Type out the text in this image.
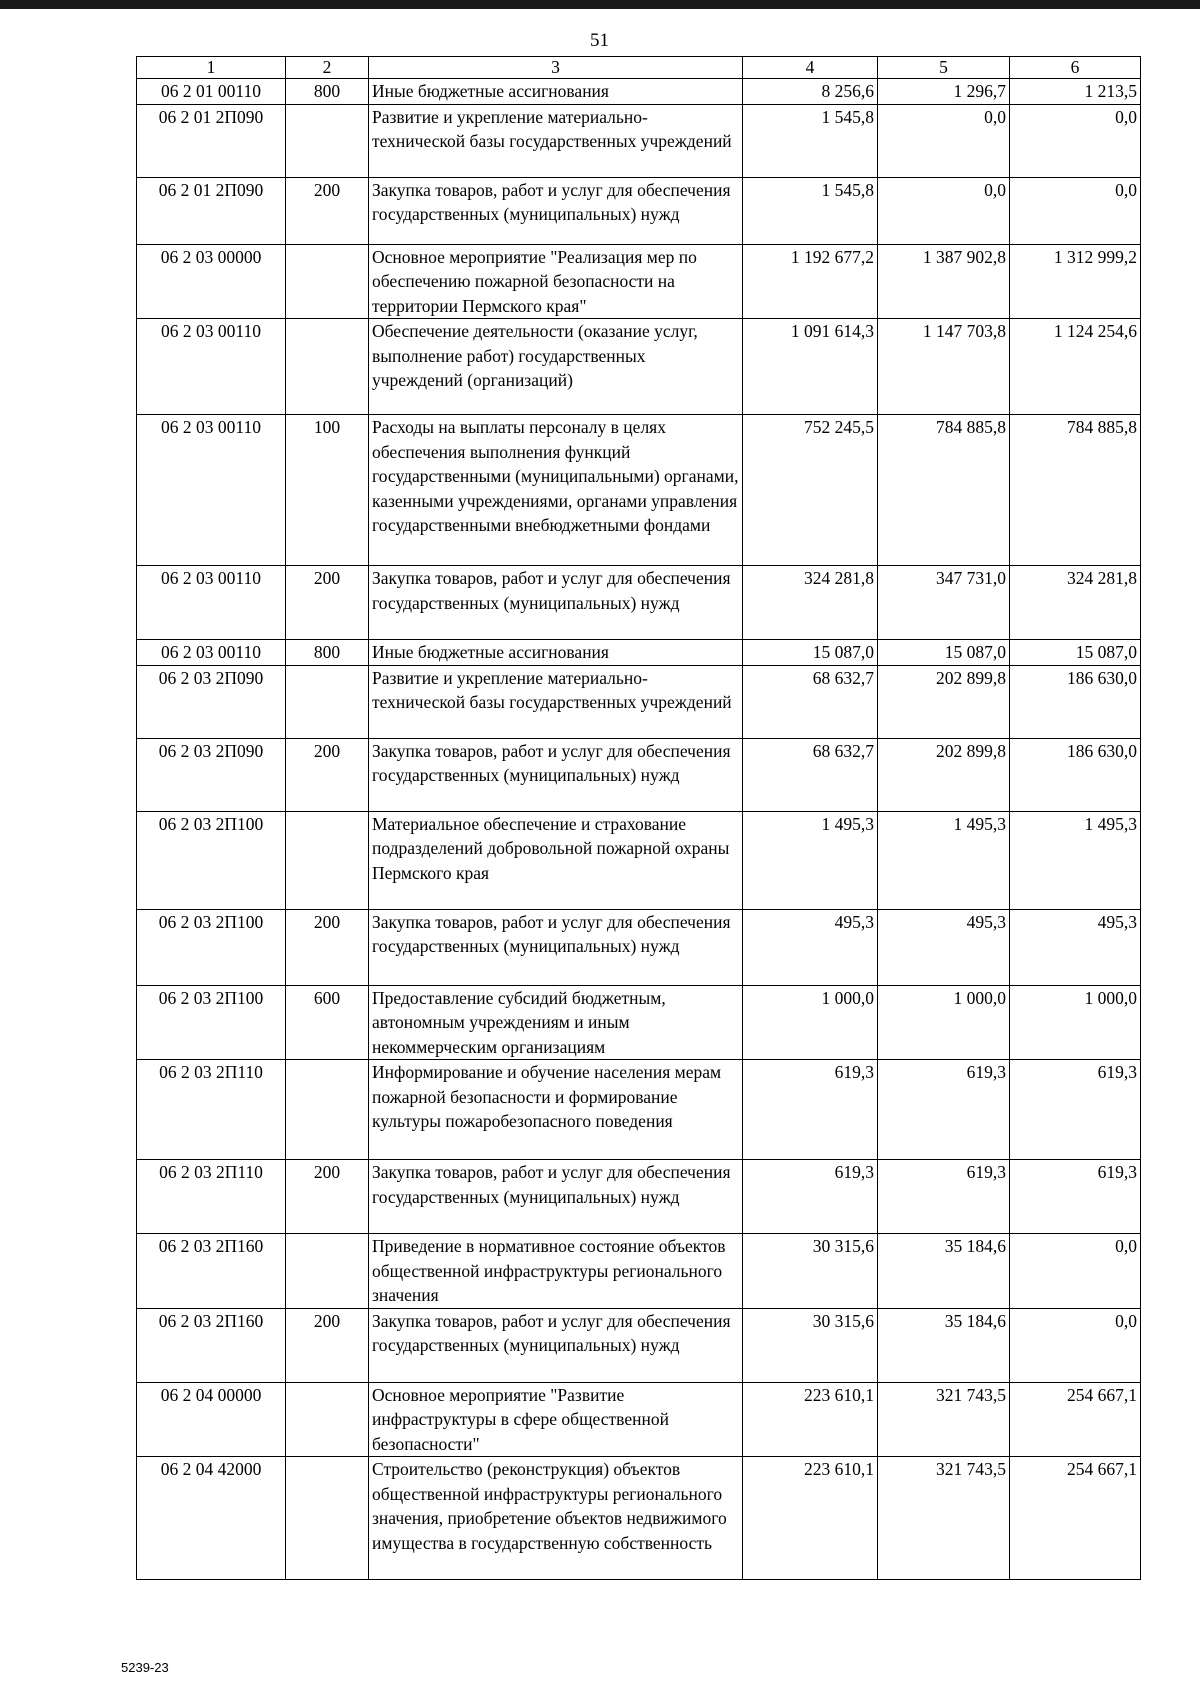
51
1	2	3	4	5	6
06 2 01 00110	800	Иные бюджетные ассигнования	8 256,6	1 296,7	1 213,5
06 2 01 2П090		Развитие и укрепление материально-технической базы государственных учреждений	1 545,8	0,0	0,0
06 2 01 2П090	200	Закупка товаров, работ и услуг для обеспечения государственных (муниципальных) нужд	1 545,8	0,0	0,0
06 2 03 00000		Основное мероприятие "Реализация мер по обеспечению пожарной безопасности на территории Пермского края"	1 192 677,2	1 387 902,8	1 312 999,2
06 2 03 00110		Обеспечение деятельности (оказание услуг, выполнение работ) государственных учреждений (организаций)	1 091 614,3	1 147 703,8	1 124 254,6
06 2 03 00110	100	Расходы на выплаты персоналу в целях обеспечения выполнения функций государственными (муниципальными) органами, казенными учреждениями, органами управления государственными внебюджетными фондами	752 245,5	784 885,8	784 885,8
06 2 03 00110	200	Закупка товаров, работ и услуг для обеспечения государственных (муниципальных) нужд	324 281,8	347 731,0	324 281,8
06 2 03 00110	800	Иные бюджетные ассигнования	15 087,0	15 087,0	15 087,0
06 2 03 2П090		Развитие и укрепление материально-технической базы государственных учреждений	68 632,7	202 899,8	186 630,0
06 2 03 2П090	200	Закупка товаров, работ и услуг для обеспечения государственных (муниципальных) нужд	68 632,7	202 899,8	186 630,0
06 2 03 2П100		Материальное обеспечение и страхование подразделений добровольной пожарной охраны Пермского края	1 495,3	1 495,3	1 495,3
06 2 03 2П100	200	Закупка товаров, работ и услуг для обеспечения государственных (муниципальных) нужд	495,3	495,3	495,3
06 2 03 2П100	600	Предоставление субсидий бюджетным, автономным учреждениям и иным некоммерческим организациям	1 000,0	1 000,0	1 000,0
06 2 03 2П110		Информирование и обучение населения мерам пожарной безопасности и формирование культуры пожаробезопасного поведения	619,3	619,3	619,3
06 2 03 2П110	200	Закупка товаров, работ и услуг для обеспечения государственных (муниципальных) нужд	619,3	619,3	619,3
06 2 03 2П160		Приведение в нормативное состояние объектов общественной инфраструктуры регионального значения	30 315,6	35 184,6	0,0
06 2 03 2П160	200	Закупка товаров, работ и услуг для обеспечения государственных (муниципальных) нужд	30 315,6	35 184,6	0,0
06 2 04 00000		Основное мероприятие "Развитие инфраструктуры в сфере общественной безопасности"	223 610,1	321 743,5	254 667,1
06 2 04 42000		Строительство (реконструкция) объектов общественной инфраструктуры регионального значения, приобретение объектов недвижимого имущества в государственную собственность	223 610,1	321 743,5	254 667,1
5239-23
